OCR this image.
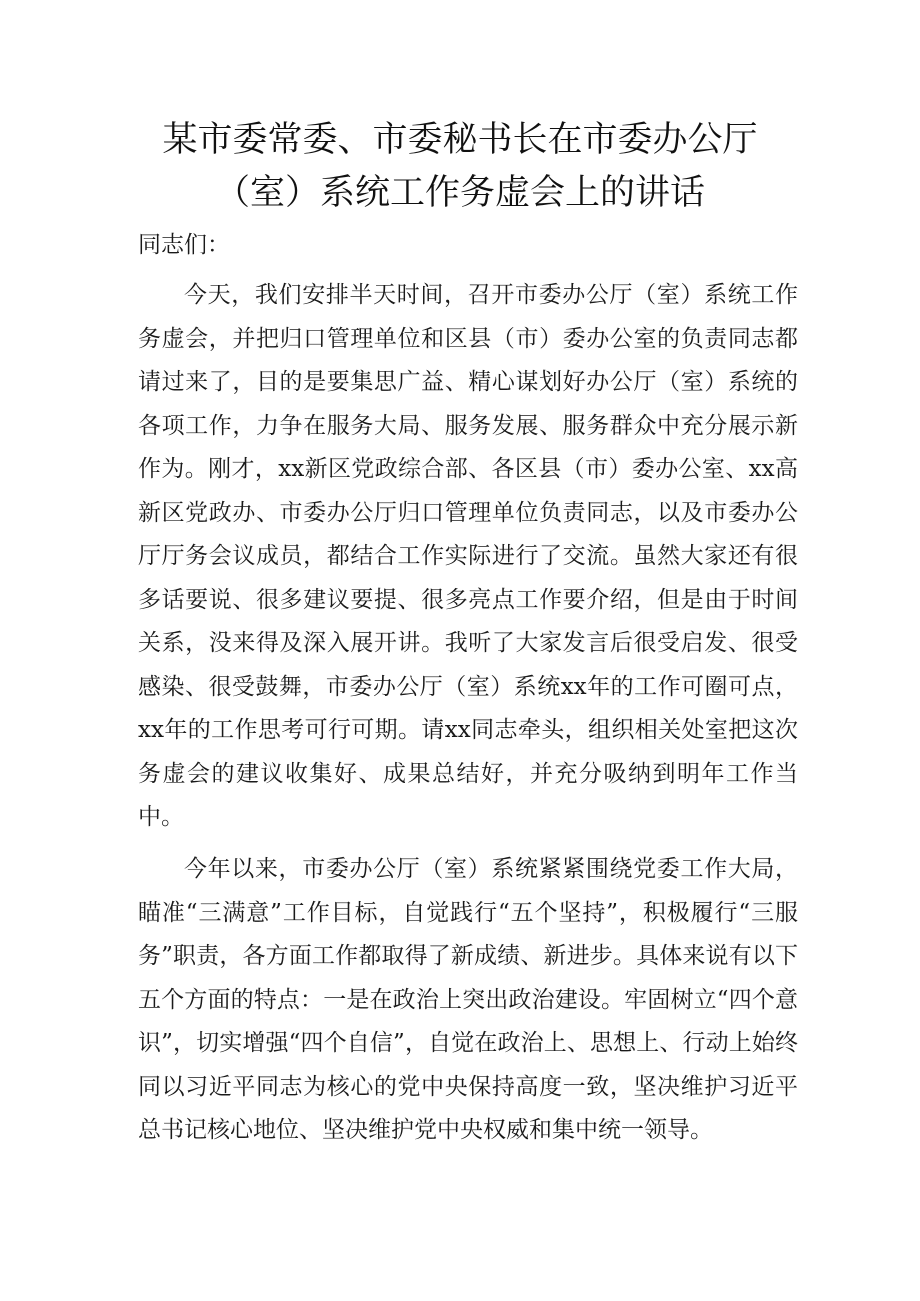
某市委常委、市委秘书长在市委办公厅
（室）系统工作务虚会上的讲话

同志们：

今天，我们安排半天时间，召开市委办公厅（室）系统工作务虚会，并把归口管理单位和区县（市）委办公室的负责同志都请过来了，目的是要集思广益、精心谋划好办公厅（室）系统的各项工作，力争在服务大局、服务发展、服务群众中充分展示新作为。刚才，xx新区党政综合部、各区县（市）委办公室、xx高新区党政办、市委办公厅归口管理单位负责同志，以及市委办公厅厅务会议成员，都结合工作实际进行了交流。虽然大家还有很多话要说、很多建议要提、很多亮点工作要介绍，但是由于时间关系，没来得及深入展开讲。我听了大家发言后很受启发、很受感染、很受鼓舞，市委办公厅（室）系统xx年的工作可圈可点，xx年的工作思考可行可期。请xx同志牵头，组织相关处室把这次务虚会的建议收集好、成果总结好，并充分吸纳到明年工作当中。

今年以来，市委办公厅（室）系统紧紧围绕党委工作大局，瞄准“三满意”工作目标，自觉践行“五个坚持”，积极履行“三服务”职责，各方面工作都取得了新成绩、新进步。具体来说有以下五个方面的特点：一是在政治上突出政治建设。牢固树立“四个意识”，切实增强“四个自信”，自觉在政治上、思想上、行动上始终同以习近平同志为核心的党中央保持高度一致，坚决维护习近平总书记核心地位、坚决维护党中央权威和集中统一领导。
